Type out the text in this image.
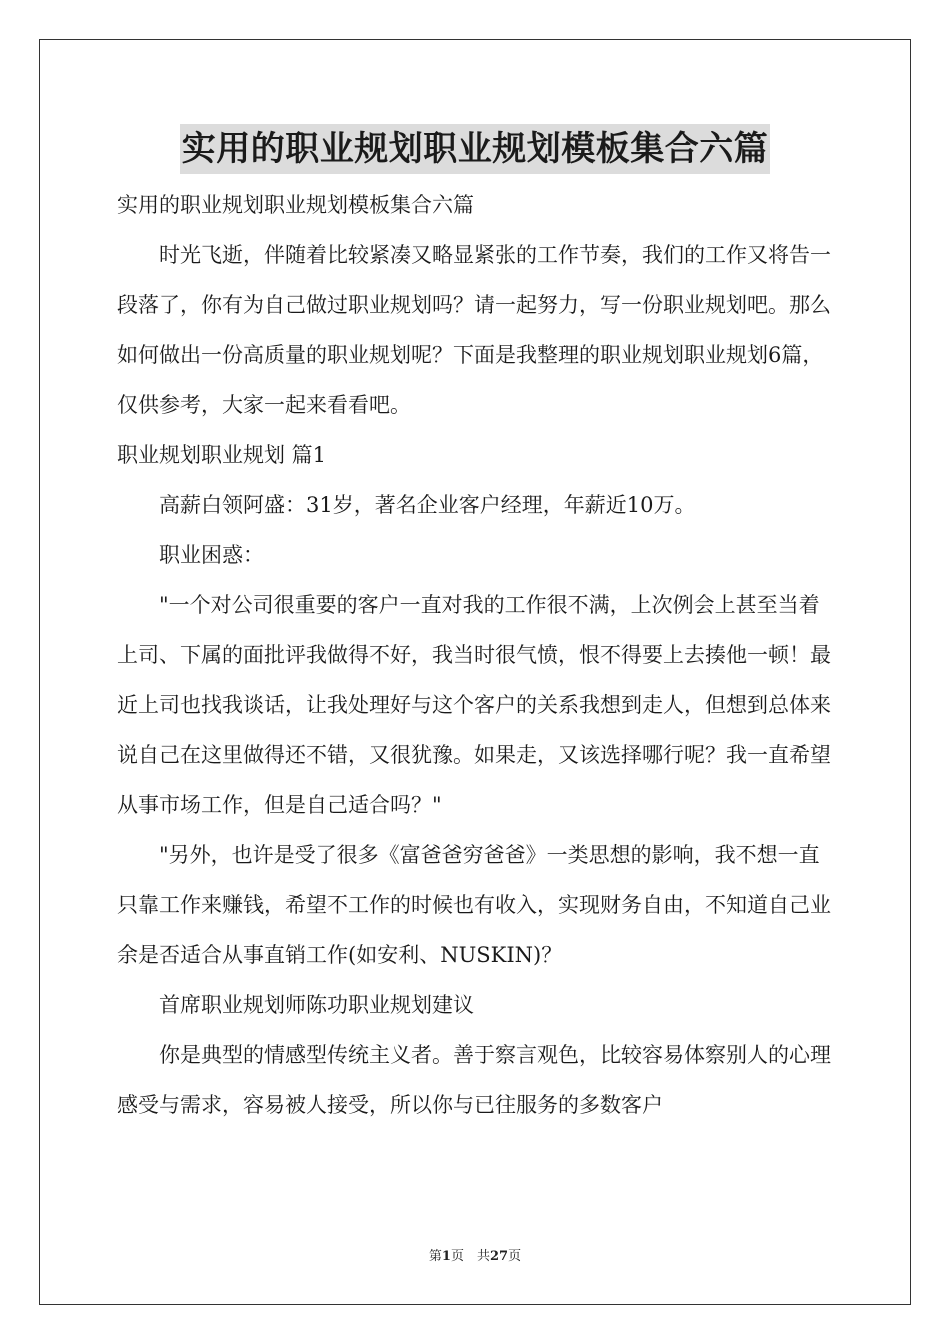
实用的职业规划职业规划模板集合六篇

实用的职业规划职业规划模板集合六篇

时光飞逝，伴随着比较紧凑又略显紧张的工作节奏，我们的工作又将告一段落了，你有为自己做过职业规划吗？请一起努力，写一份职业规划吧。那么如何做出一份高质量的职业规划呢？下面是我整理的职业规划职业规划6篇，仅供参考，大家一起来看看吧。

职业规划职业规划 篇1

高薪白领阿盛：31岁，著名企业客户经理，年薪近10万。

职业困惑：

"一个对公司很重要的客户一直对我的工作很不满，上次例会上甚至当着上司、下属的面批评我做得不好，我当时很气愤，恨不得要上去揍他一顿！最近上司也找我谈话，让我处理好与这个客户的关系我想到走人，但想到总体来说自己在这里做得还不错，又很犹豫。如果走，又该选择哪行呢？我一直希望从事市场工作，但是自己适合吗？"

"另外，也许是受了很多《富爸爸穷爸爸》一类思想的影响，我不想一直只靠工作来赚钱，希望不工作的时候也有收入，实现财务自由，不知道自己业余是否适合从事直销工作(如安利、NUSKIN)？

首席职业规划师陈功职业规划建议

你是典型的情感型传统主义者。善于察言观色，比较容易体察别人的心理感受与需求，容易被人接受，所以你与已往服务的多数客户

第1页　共27页
